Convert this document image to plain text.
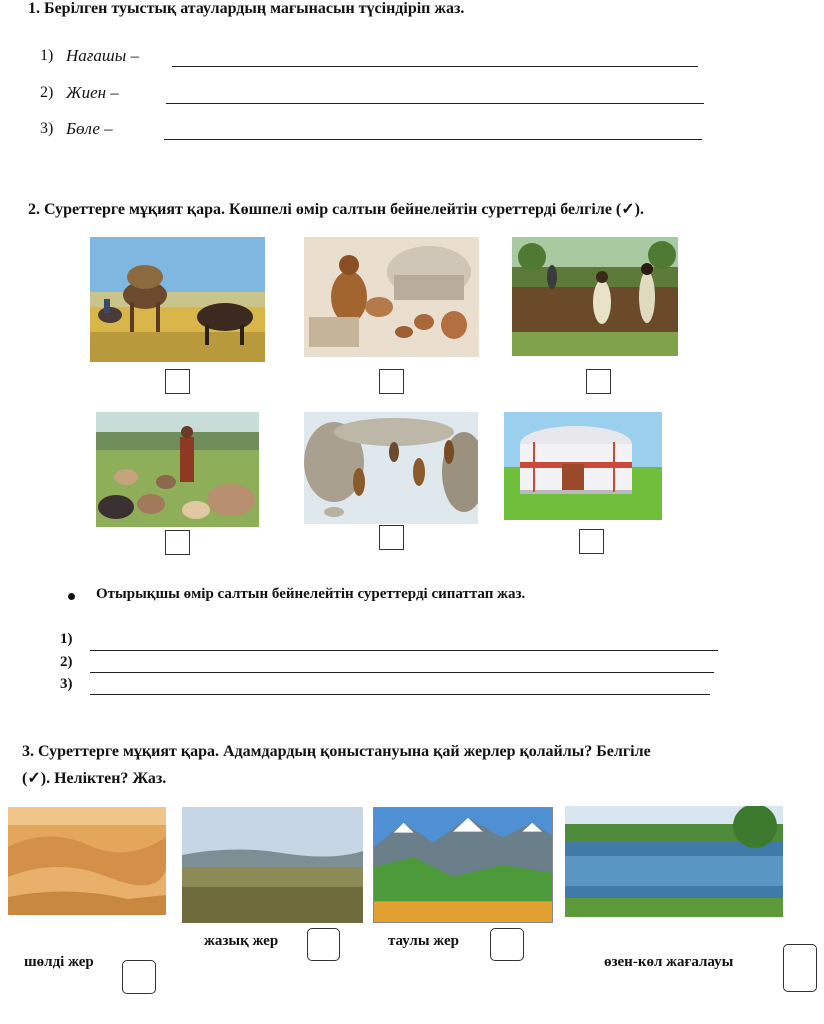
1. Берілген туыстық атаулардың мағынасын түсіндіріп жаз.
1) Нағашы –
2) Жиен –
3) Бөле –
2. Суреттерге мұқият қара. Көшпелі өмір салтын бейнелейтін суреттерді белгіле (✓).
Отырықшы өмір салтын бейнелейтін суреттерді сипаттап жаз.
1)
2)
3)
3. Суреттерге мұқият қара. Адамдардың қоныстануына қай жерлер қолайлы? Белгіле
(✓). Неліктен? Жаз.
шөлді жер
жазық жер	таулы жер
өзен-көл жағалауы
